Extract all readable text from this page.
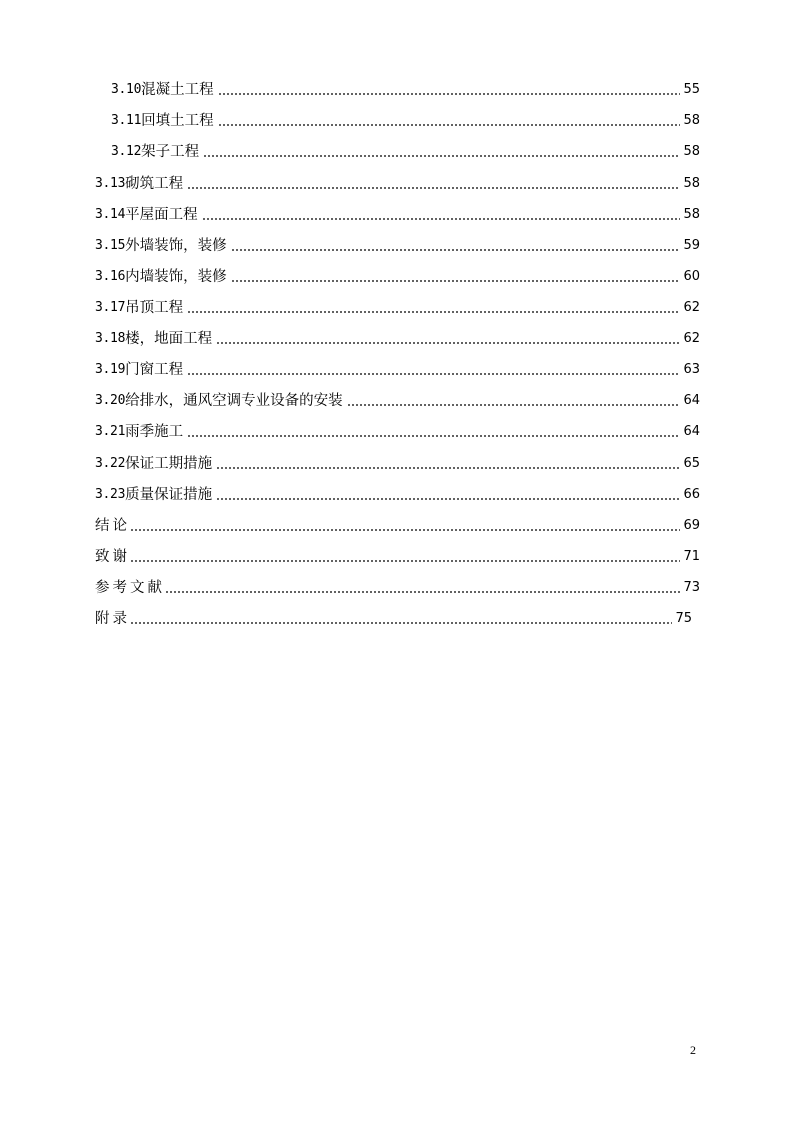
3.10 混凝土工程	55
3.11 回填土工程	58
3.12 架子工程	58
3.13 砌筑工程	58
3.14 平屋面工程	58
3.15 外墙装饰，装修	59
3.16 内墙装饰，装修	60
3.17 吊顶工程	62
3.18 楼，地面工程	62
3.19 门窗工程	63
3.20 给排水，通风空调专业设备的安装	64
3.21 雨季施工	64
3.22 保证工期措施	65
3.23 质量保证措施	66
结论	69
致谢	71
参考文献	73
附录	75
2
